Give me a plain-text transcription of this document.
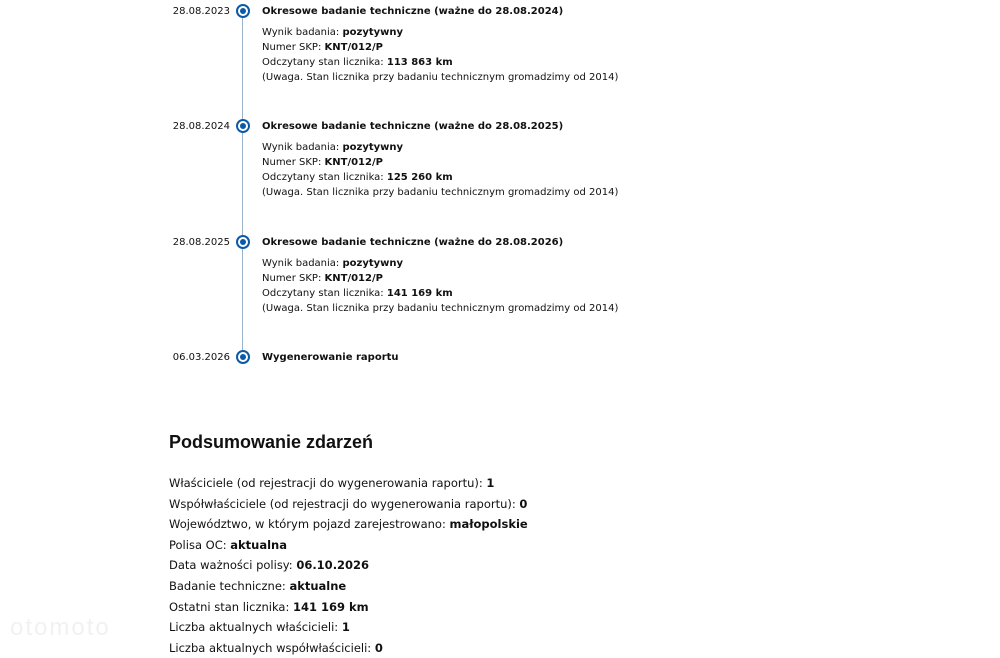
otomoto
28.08.2023	Okresowe badanie techniczne (ważne do 28.08.2024)
Wynik badania: pozytywny
Numer SKP: KNT/012/P
Odczytany stan licznika: 113 863 km
(Uwaga. Stan licznika przy badaniu technicznym gromadzimy od 2014)
28.08.2024	Okresowe badanie techniczne (ważne do 28.08.2025)
Wynik badania: pozytywny
Numer SKP: KNT/012/P
Odczytany stan licznika: 125 260 km
(Uwaga. Stan licznika przy badaniu technicznym gromadzimy od 2014)
28.08.2025	Okresowe badanie techniczne (ważne do 28.08.2026)
Wynik badania: pozytywny
Numer SKP: KNT/012/P
Odczytany stan licznika: 141 169 km
(Uwaga. Stan licznika przy badaniu technicznym gromadzimy od 2014)
06.03.2026	Wygenerowanie raportu
Podsumowanie zdarzeń
Właściciele (od rejestracji do wygenerowania raportu): 1
Współwłaściciele (od rejestracji do wygenerowania raportu): 0
Województwo, w którym pojazd zarejestrowano: małopolskie
Polisa OC: aktualna
Data ważności polisy: 06.10.2026
Badanie techniczne: aktualne
Ostatni stan licznika: 141 169 km
Liczba aktualnych właścicieli: 1
Liczba aktualnych współwłaścicieli: 0
